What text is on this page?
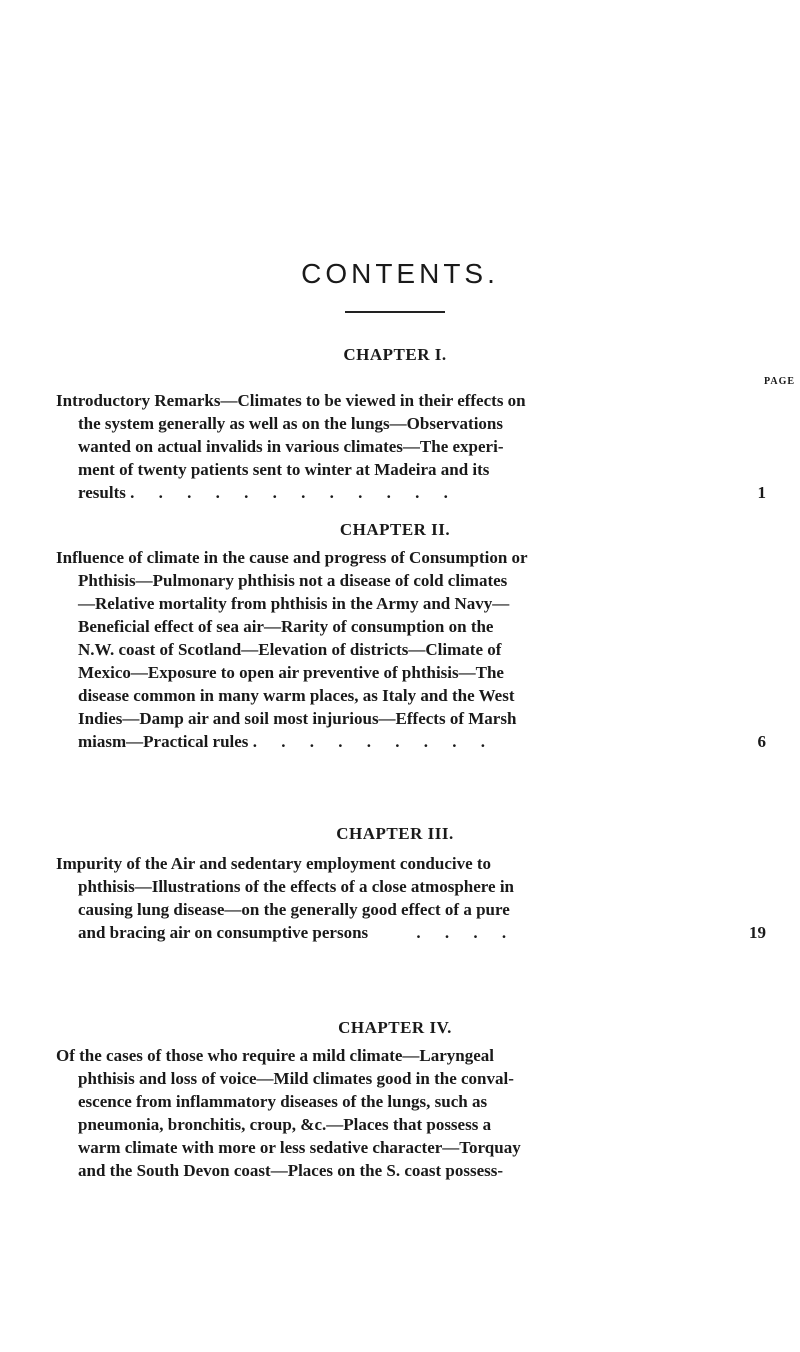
CONTENTS.
CHAPTER I.
PAGE
Introductory Remarks—Climates to be viewed in their effects on
the system generally as well as on the lungs—Observations
wanted on actual invalids in various climates—The experi-
ment of twenty patients sent to winter at Madeira and its
results . . . . . . . . . . . .	1
CHAPTER II.
Influence of climate in the cause and progress of Consumption or
Phthisis—Pulmonary phthisis not a disease of cold climates
—Relative mortality from phthisis in the Army and Navy—
Beneficial effect of sea air—Rarity of consumption on the
N.W. coast of Scotland—Elevation of districts—Climate of
Mexico—Exposure to open air preventive of phthisis—The
disease common in many warm places, as Italy and the West
Indies—Damp air and soil most injurious—Effects of Marsh
miasm—Practical rules . . . . . . . . .	6
CHAPTER III.
Impurity of the Air and sedentary employment conducive to
phthisis—Illustrations of the effects of a close atmosphere in
causing lung disease—on the generally good effect of a pure
and bracing air on consumptive persons	. . . .	19
CHAPTER IV.
Of the cases of those who require a mild climate—Laryngeal
phthisis and loss of voice—Mild climates good in the conval-
escence from inflammatory diseases of the lungs, such as
pneumonia, bronchitis, croup, &c.—Places that possess a
warm climate with more or less sedative character—Torquay
and the South Devon coast—Places on the S. coast possess-
